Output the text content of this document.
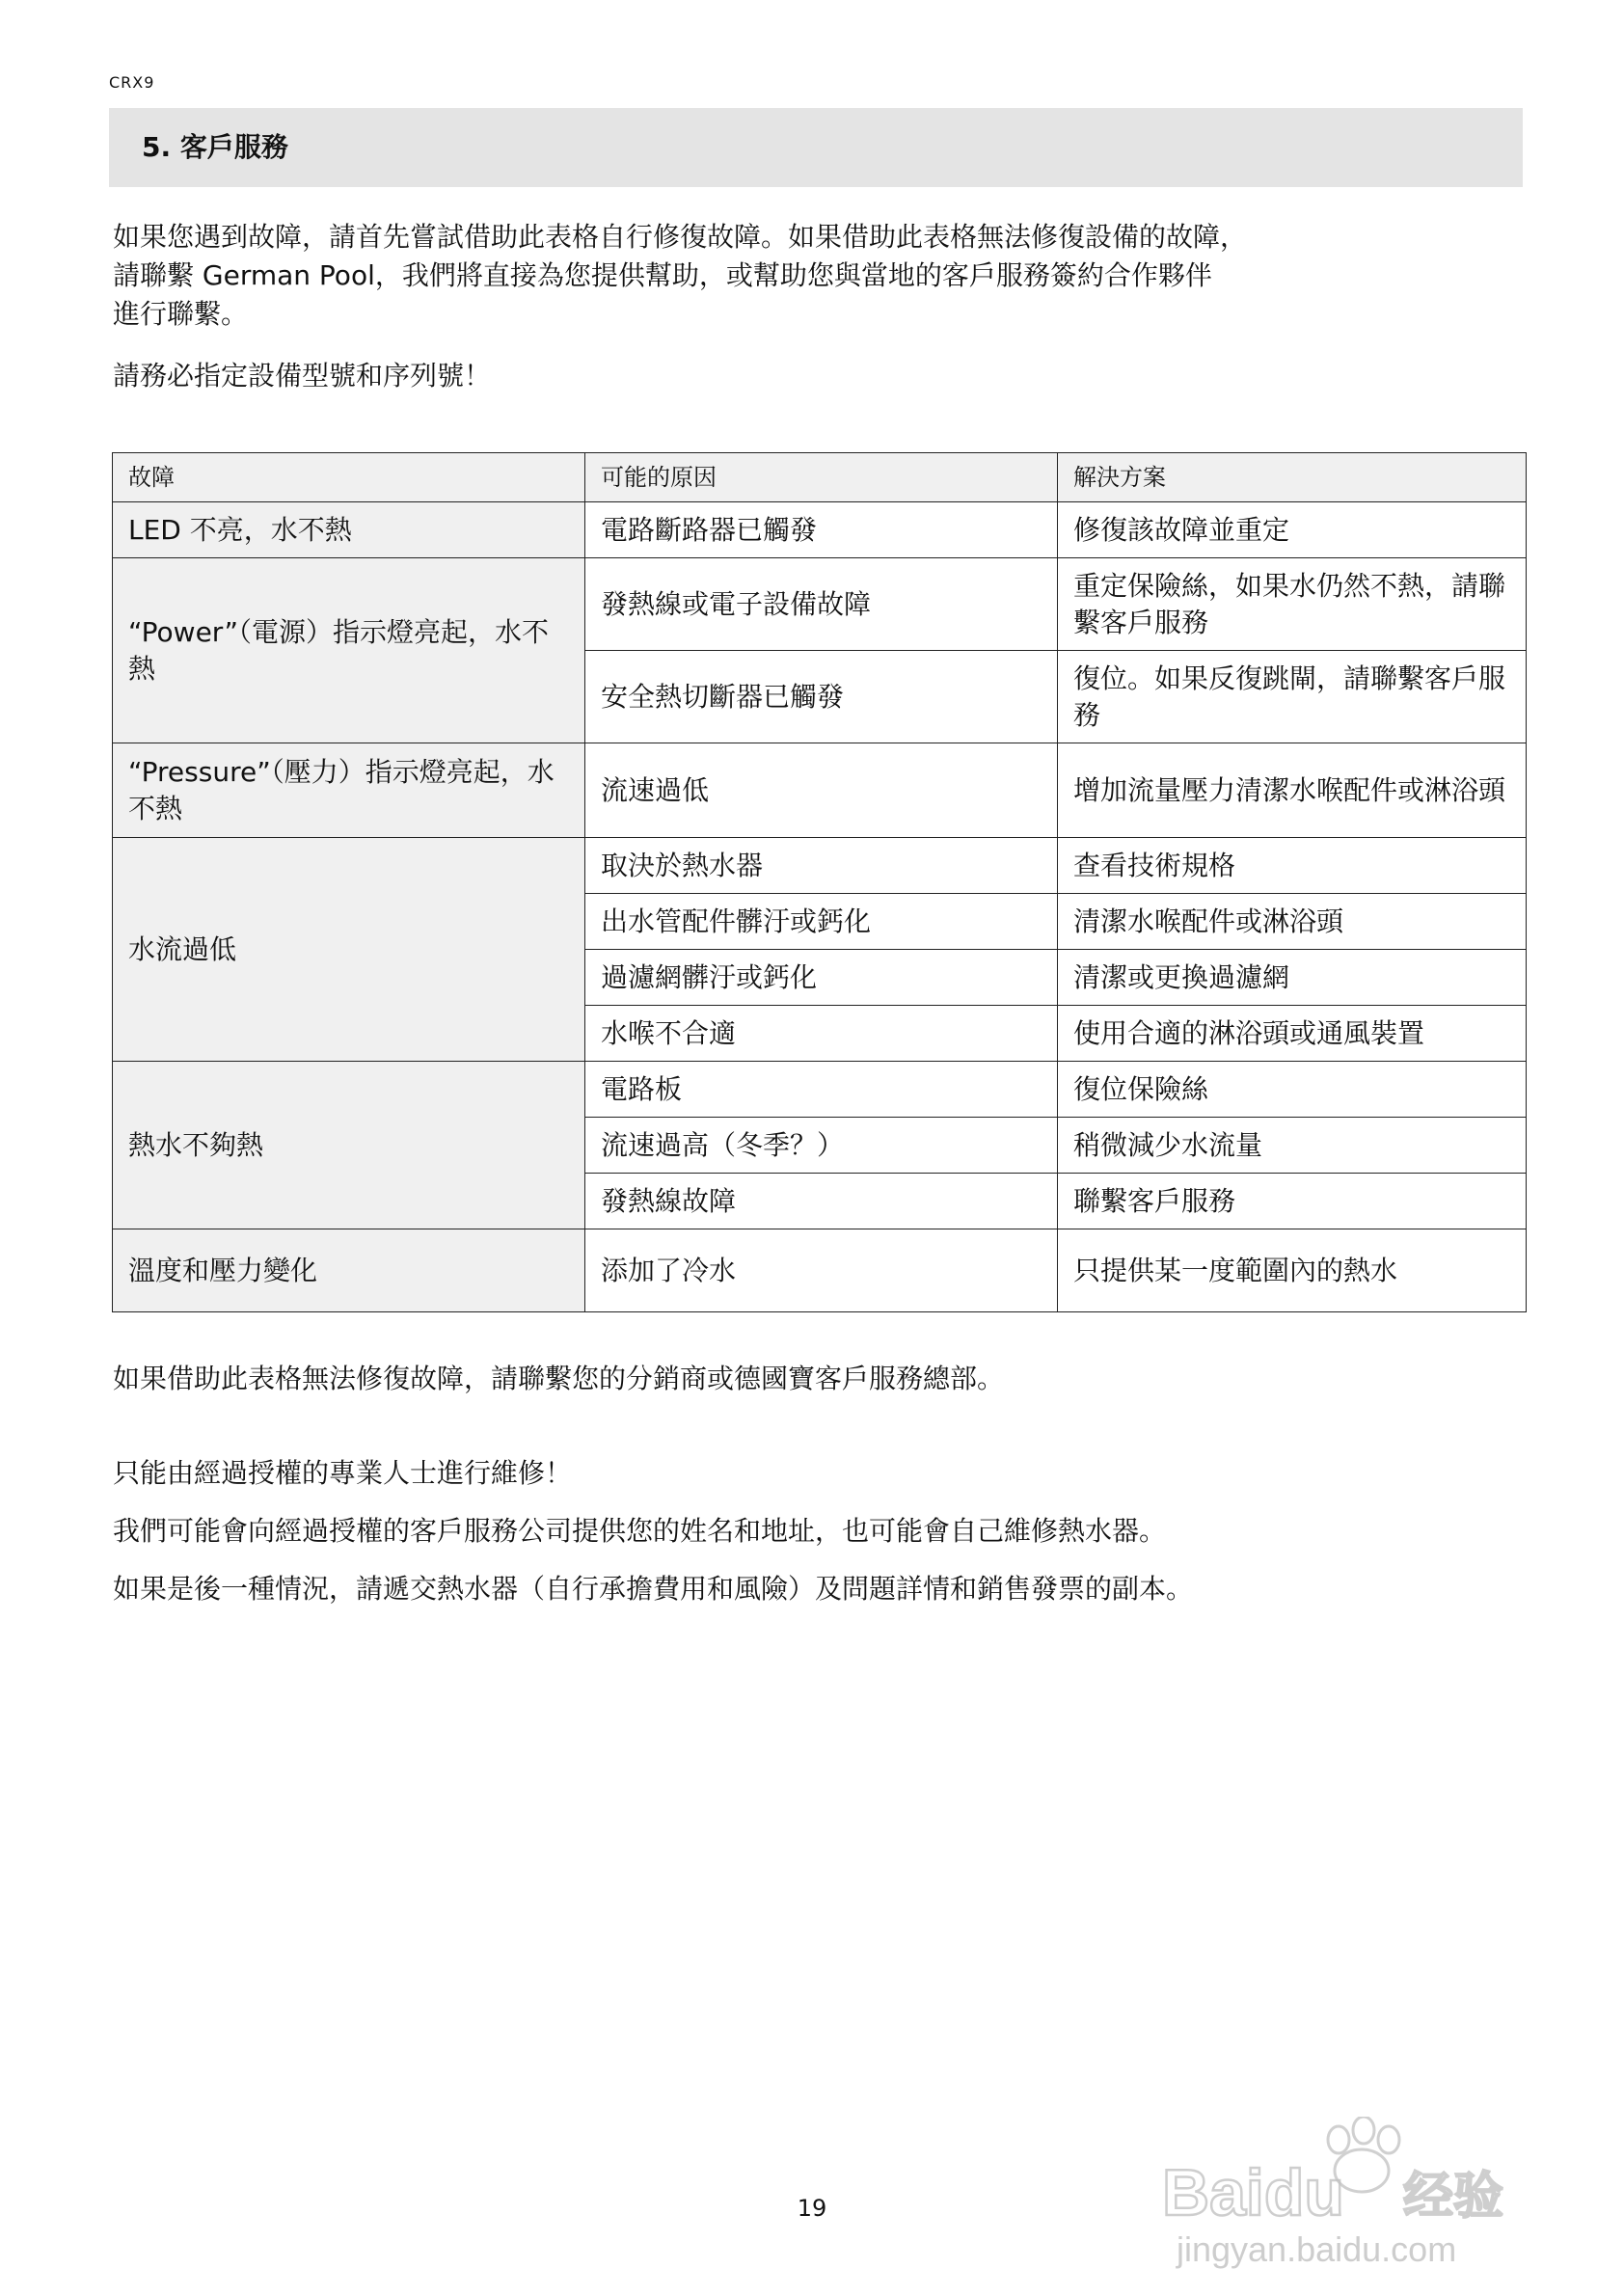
CRX9
5. 客戶服務

如果您遇到故障，請首先嘗試借助此表格自行修復故障。如果借助此表格無法修復設備的故障，

請聯繫 German Pool，我們將直接為您提供幫助，或幫助您與當地的客戶服務簽約合作夥伴

進行聯繫。

請務必指定設備型號和序列號！

故障	可能的原因	解決方案
LED 不亮，水不熱	電路斷路器已觸發	修復該故障並重定
“Power”（電源）指示燈亮起，水不熱	發熱線或電子設備故障	重定保險絲，如果水仍然不熱，請聯繫客戶服務
	安全熱切斷器已觸發	復位。如果反復跳閘，請聯繫客戶服務
“Pressure”（壓力）指示燈亮起，水不熱	流速過低	增加流量壓力清潔水喉配件或淋浴頭
水流過低	取決於熱水器	查看技術規格
	出水管配件髒汙或鈣化	清潔水喉配件或淋浴頭
	過濾網髒汙或鈣化	清潔或更換過濾網
	水喉不合適	使用合適的淋浴頭或通風裝置
熱水不夠熱	電路板	復位保險絲
	流速過高（冬季？）	稍微減少水流量
	發熱線故障	聯繫客戶服務
溫度和壓力變化	添加了冷水	只提供某一度範圍內的熱水

如果借助此表格無法修復故障，請聯繫您的分銷商或德國寶客戶服務總部。

只能由經過授權的專業人士進行維修！

我們可能會向經過授權的客戶服務公司提供您的姓名和地址，也可能會自己維修熱水器。

如果是後一種情況，請遞交熱水器（自行承擔費用和風險）及問題詳情和銷售發票的副本。

19	Baidu 经验
jingyan.baidu.com
